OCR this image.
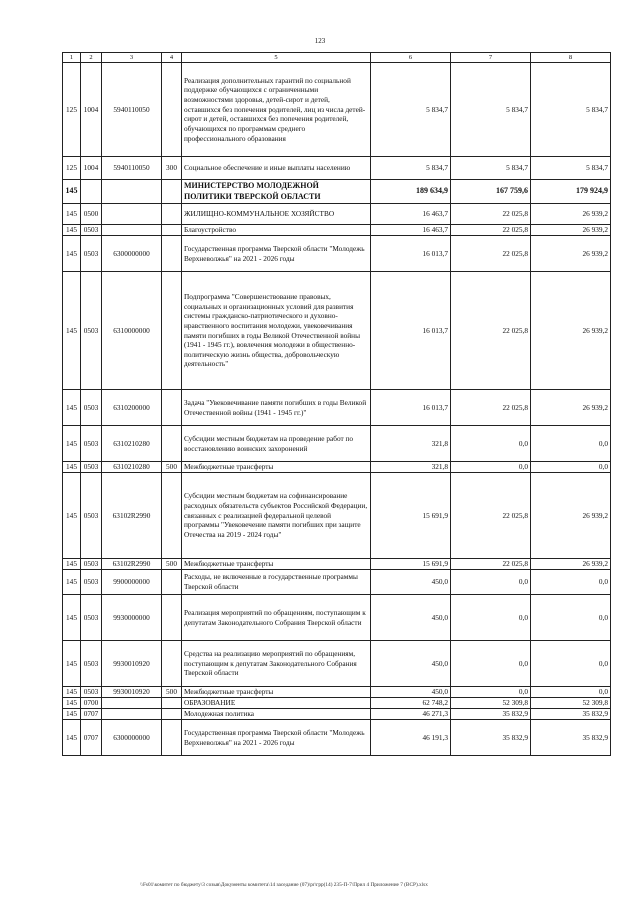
123
1	2	3	4	5	6	7	8
125	1004	5940110050		Реализация дополнительных гарантий по социальной поддержке обучающихся с ограниченными возможностями здоровья, детей-сирот и детей, оставшихся без попечения родителей, лиц из числа детей-сирот и детей, оставшихся без попечения родителей, обучающихся по программам среднего профессионального образования	5 834,7	5 834,7	5 834,7
125	1004	5940110050	300	Социальное обеспечение и иные выплаты населению	5 834,7	5 834,7	5 834,7
145				МИНИСТЕРСТВО МОЛОДЕЖНОЙ ПОЛИТИКИ ТВЕРСКОЙ ОБЛАСТИ	189 634,9	167 759,6	179 924,9
145	0500			ЖИЛИЩНО-КОММУНАЛЬНОЕ ХОЗЯЙСТВО	16 463,7	22 025,8	26 939,2
145	0503			Благоустройство	16 463,7	22 025,8	26 939,2
145	0503	6300000000		Государственная программа Тверской области "Молодежь Верхневолжья" на 2021 - 2026 годы	16 013,7	22 025,8	26 939,2
145	0503	6310000000		Подпрограмма "Совершенствование правовых, социальных и организационных условий для развития системы гражданско-патриотического и духовно-нравственного воспитания молодежи, увековечивания памяти погибших в годы Великой Отечественной войны (1941 - 1945 гг.), вовлечения молодежи в общественно-политическую жизнь общества, добровольческую деятельность"	16 013,7	22 025,8	26 939,2
145	0503	6310200000		Задача "Увековечивание памяти погибших в годы Великой Отечественной войны (1941 - 1945 гг.)"	16 013,7	22 025,8	26 939,2
145	0503	6310210280		Субсидии местным бюджетам на проведение работ по восстановлению воинских захоронений	321,8	0,0	0,0
145	0503	6310210280	500	Межбюджетные трансферты	321,8	0,0	0,0
145	0503	63102R2990		Субсидии местным бюджетам на софинансирование расходных обязательств субъектов Российской Федерации, связанных с реализацией федеральной целевой программы "Увековечение памяти погибших при защите Отечества на 2019 - 2024 годы"	15 691,9	22 025,8	26 939,2
145	0503	63102R2990	500	Межбюджетные трансферты	15 691,9	22 025,8	26 939,2
145	0503	9900000000		Расходы, не включенные в государственные программы Тверской области	450,0	0,0	0,0
145	0503	9930000000		Реализация мероприятий по обращениям, поступающим к депутатам Законодательного Собрания Тверской области	450,0	0,0	0,0
145	0503	9930010920		Средства на реализацию мероприятий по обращениям, поступающим к депутатам Законодательного Собрания Тверской области	450,0	0,0	0,0
145	0503	9930010920	500	Межбюджетные трансферты	450,0	0,0	0,0
145	0700			ОБРАЗОВАНИЕ	62 748,2	52 309,8	52 309,8
145	0707			Молодежная политика	46 271,3	35 832,9	35 832,9
145	0707	6300000000		Государственная программа Тверской области "Молодежь Верхневолжья" на 2021 - 2026 годы	46 191,3	35 832,9	35 832,9
\\Fs01\комитет по бюджету\3 созыв\Документы комитета\14 заседание (07)\pr\грр(14) 235-П-7\Прил 4 Приложение 7 (ВСР).xlsx
